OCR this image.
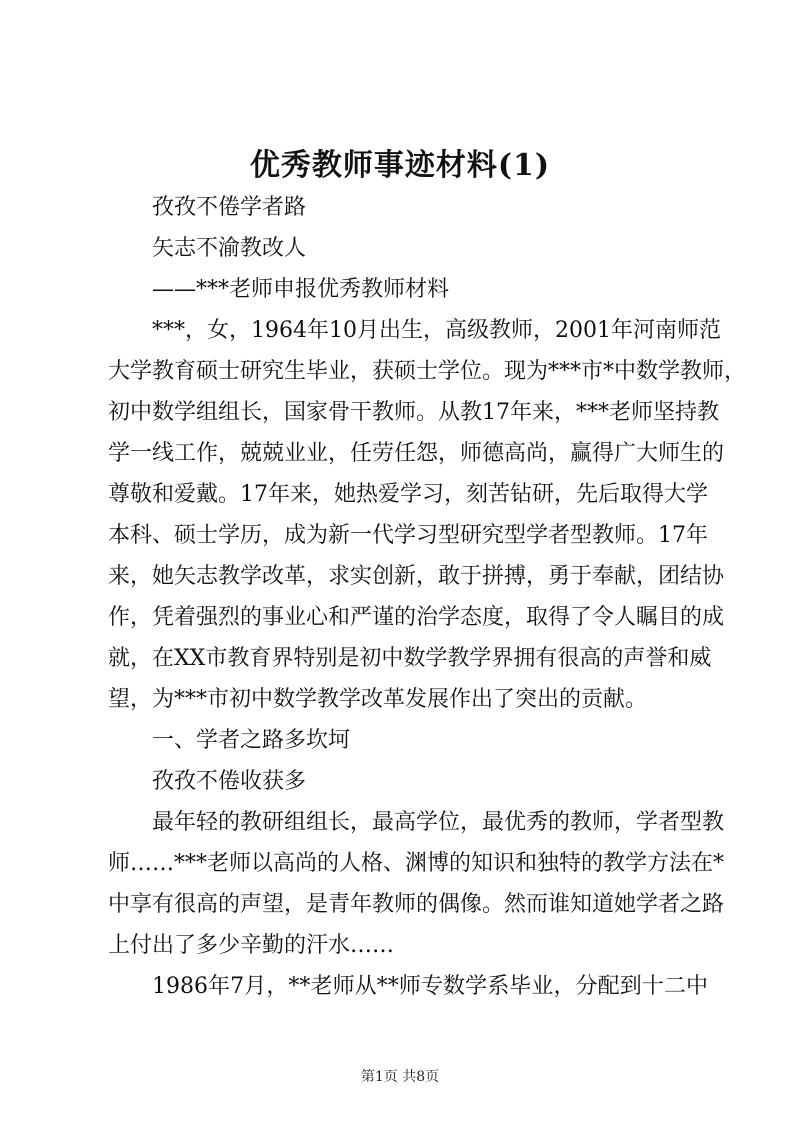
优秀教师事迹材料(1)
孜孜不倦学者路
矢志不渝教改人
——***老师申报优秀教师材料
***，女，1964年10月出生，高级教师，2001年河南师范
大学教育硕士研究生毕业，获硕士学位。现为***市*中数学教师，
初中数学组组长，国家骨干教师。从教17年来，***老师坚持教
学一线工作，兢兢业业，任劳任怨，师德高尚，赢得广大师生的
尊敬和爱戴。17年来，她热爱学习，刻苦钻研，先后取得大学
本科、硕士学历，成为新一代学习型研究型学者型教师。17年
来，她矢志教学改革，求实创新，敢于拼搏，勇于奉献，团结协
作，凭着强烈的事业心和严谨的治学态度，取得了令人瞩目的成
就，在XX市教育界特别是初中数学教学界拥有很高的声誉和威
望，为***市初中数学教学改革发展作出了突出的贡献。
一、学者之路多坎坷
孜孜不倦收获多
最年轻的教研组组长，最高学位，最优秀的教师，学者型教
师……***老师以高尚的人格、渊博的知识和独特的教学方法在*
中享有很高的声望，是青年教师的偶像。然而谁知道她学者之路
上付出了多少辛勤的汗水……
1986年7月，**老师从**师专数学系毕业，分配到十二中
第1页 共8页
